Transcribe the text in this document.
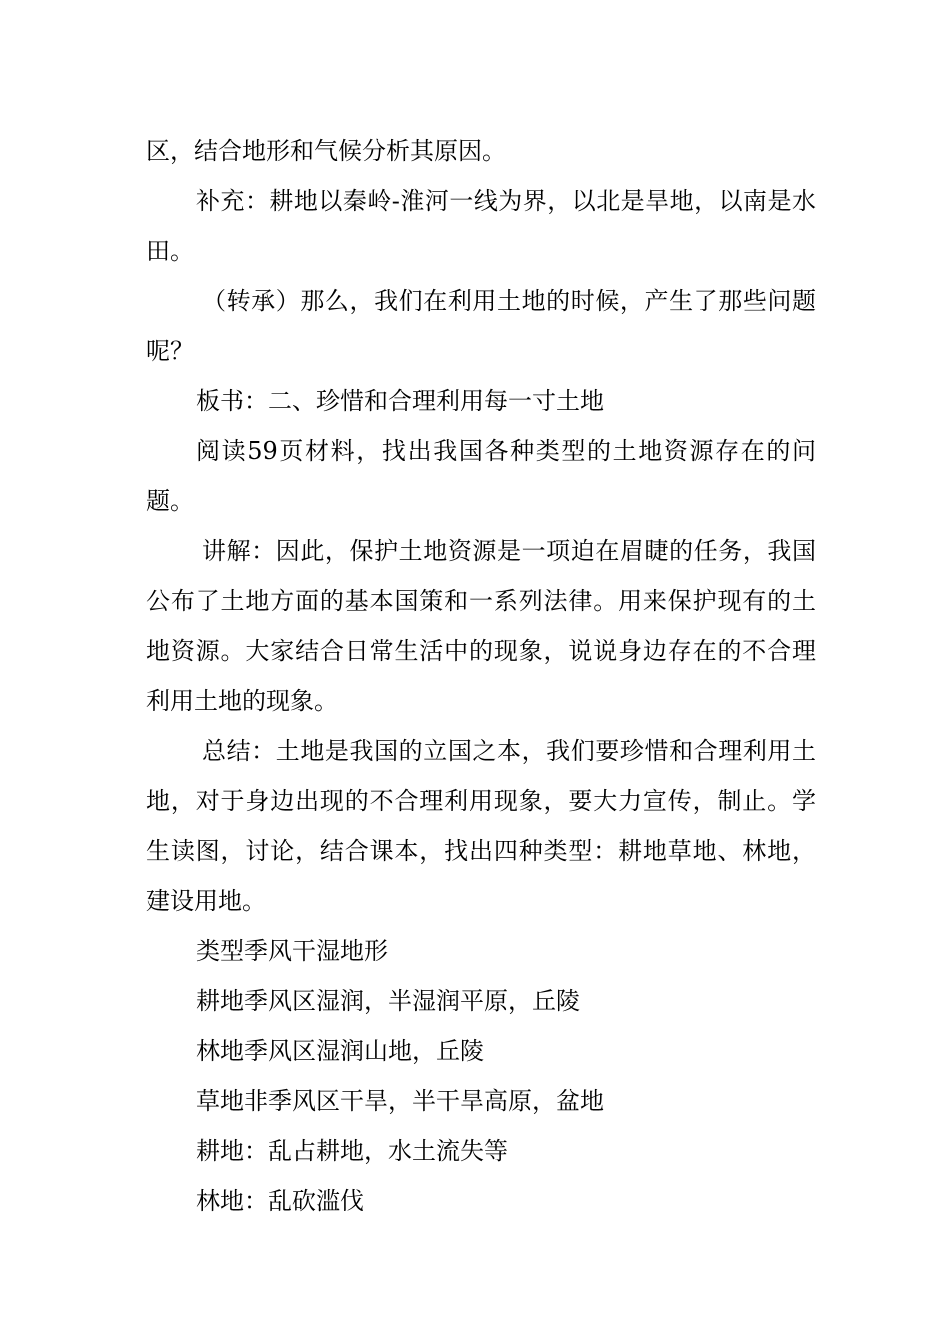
区，结合地形和气候分析其原因。

补充：耕地以秦岭-淮河一线为界，以北是旱地，以南是水田。

（转承）那么，我们在利用土地的时候，产生了那些问题呢？

板书：二、珍惜和合理利用每一寸土地

阅读59页材料，找出我国各种类型的土地资源存在的问题。

讲解：因此，保护土地资源是一项迫在眉睫的任务，我国公布了土地方面的基本国策和一系列法律。用来保护现有的土地资源。大家结合日常生活中的现象，说说身边存在的不合理利用土地的现象。

总结：土地是我国的立国之本，我们要珍惜和合理利用土地，对于身边出现的不合理利用现象，要大力宣传，制止。学生读图，讨论，结合课本，找出四种类型：耕地草地、林地，建设用地。

类型季风干湿地形

耕地季风区湿润，半湿润平原，丘陵

林地季风区湿润山地，丘陵

草地非季风区干旱，半干旱高原，盆地

耕地：乱占耕地，水土流失等

林地：乱砍滥伐
